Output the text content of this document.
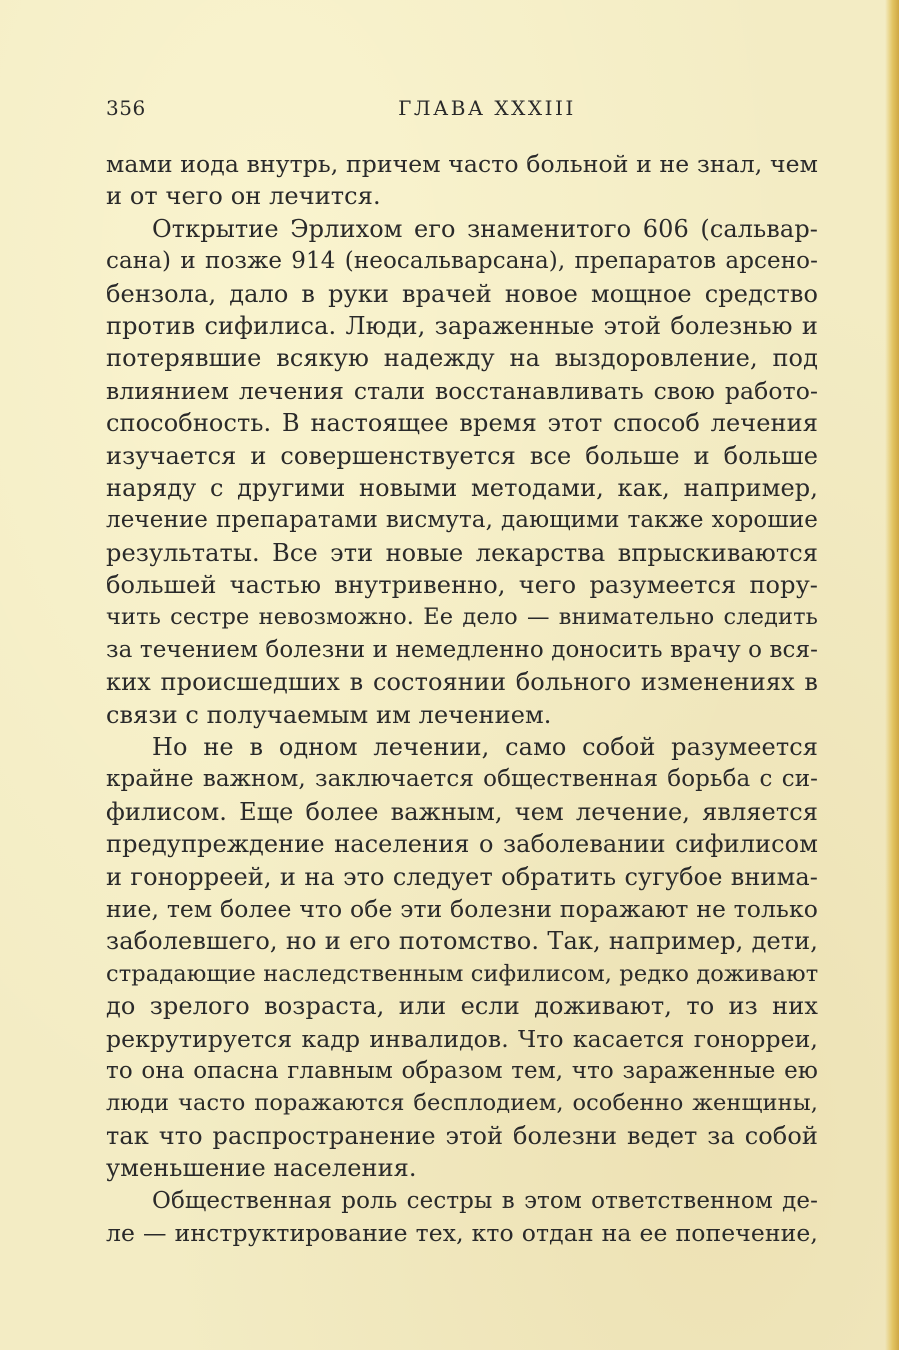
356	ГЛАВА XXXIII
мами иода внутрь, причем часто больной и не знал, чем
и от чего он лечится.
Открытие Эрлихом его знаменитого 606 (сальвар-
сана) и позже 914 (неосальварсана), препаратов арсено-
бензола, дало в руки врачей новое мощное средство
против сифилиса. Люди, зараженные этой болезнью и
потерявшие всякую надежду на выздоровление, под
влиянием лечения стали восстанавливать свою работо-
способность. В настоящее время этот способ лечения
изучается и совершенствуется все больше и больше
наряду с другими новыми методами, как, например,
лечение препаратами висмута, дающими также хорошие
результаты. Все эти новые лекарства впрыскиваются
большей частью внутривенно, чего разумеется пору-
чить сестре невозможно. Ее дело — внимательно следить
за течением болезни и немедленно доносить врачу о вся-
ких происшедших в состоянии больного изменениях в
связи с получаемым им лечением.
Но не в одном лечении, само собой разумеется
крайне важном, заключается общественная борьба с си-
филисом. Еще более важным, чем лечение, является
предупреждение населения о заболевании сифилисом
и гонорреей, и на это следует обратить сугубое внима-
ние, тем более что обе эти болезни поражают не только
заболевшего, но и его потомство. Так, например, дети,
страдающие наследственным сифилисом, редко доживают
до зрелого возраста, или если доживают, то из них
рекрутируется кадр инвалидов. Что касается гонорреи,
то она опасна главным образом тем, что зараженные ею
люди часто поражаются бесплодием, особенно женщины,
так что распространение этой болезни ведет за собой
уменьшение населения.
Общественная роль сестры в этом ответственном де-
ле — инструктирование тех, кто отдан на ее попечение,
